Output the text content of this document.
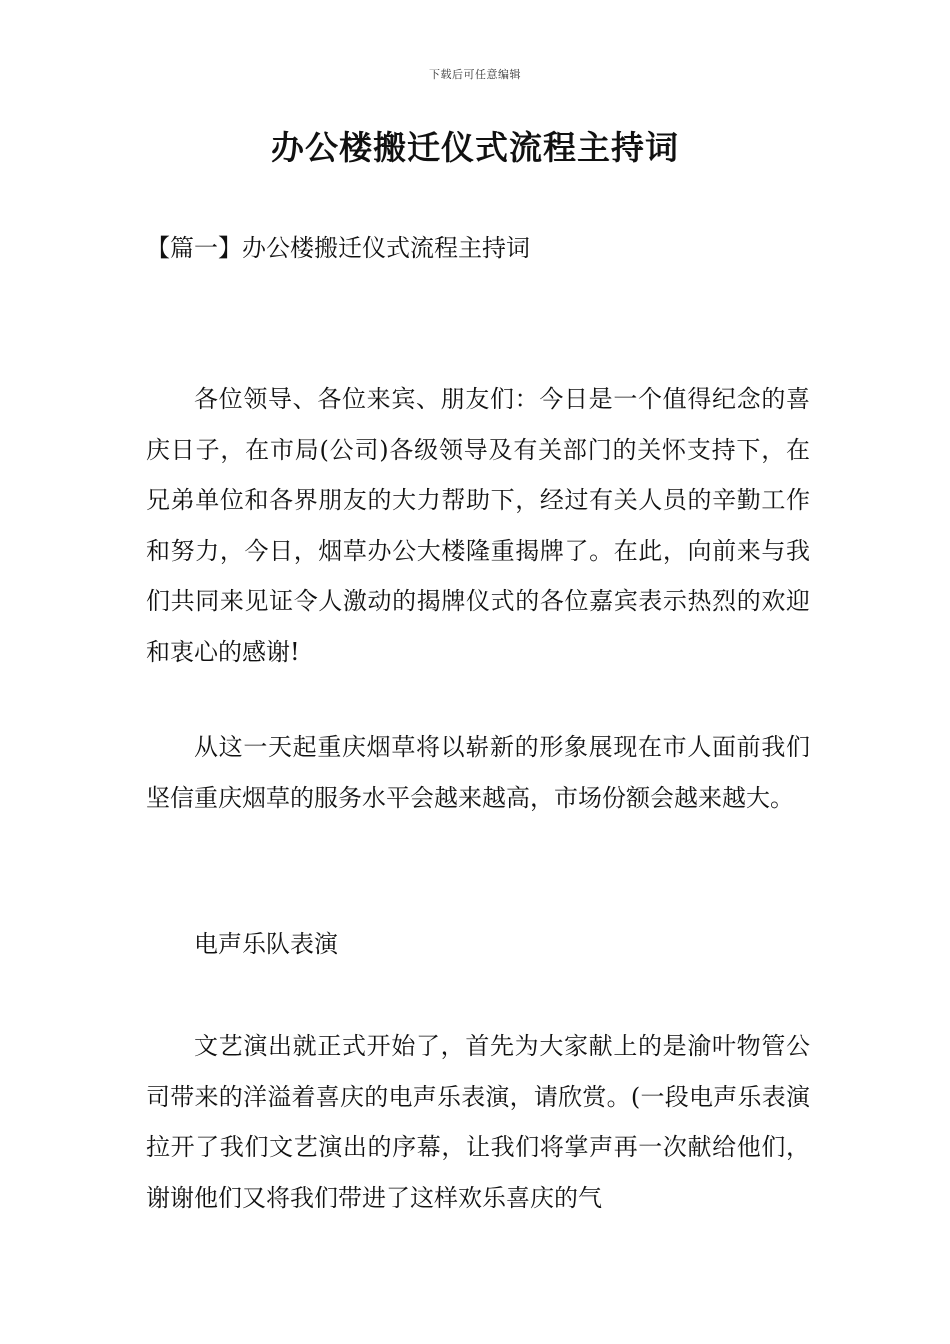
下载后可任意编辑
办公楼搬迁仪式流程主持词
【篇一】办公楼搬迁仪式流程主持词

各位领导、各位来宾、朋友们：今日是一个值得纪念的喜庆日子，在市局(公司)各级领导及有关部门的关怀支持下，在兄弟单位和各界朋友的大力帮助下，经过有关人员的辛勤工作和努力，今日，烟草办公大楼隆重揭牌了。在此，向前来与我们共同来见证令人激动的揭牌仪式的各位嘉宾表示热烈的欢迎和衷心的感谢!

从这一天起重庆烟草将以崭新的形象展现在市人面前我们坚信重庆烟草的服务水平会越来越高，市场份额会越来越大。

电声乐队表演

文艺演出就正式开始了，首先为大家献上的是渝叶物管公司带来的洋溢着喜庆的电声乐表演，请欣赏。(一段电声乐表演拉开了我们文艺演出的序幕，让我们将掌声再一次献给他们，谢谢他们又将我们带进了这样欢乐喜庆的气
